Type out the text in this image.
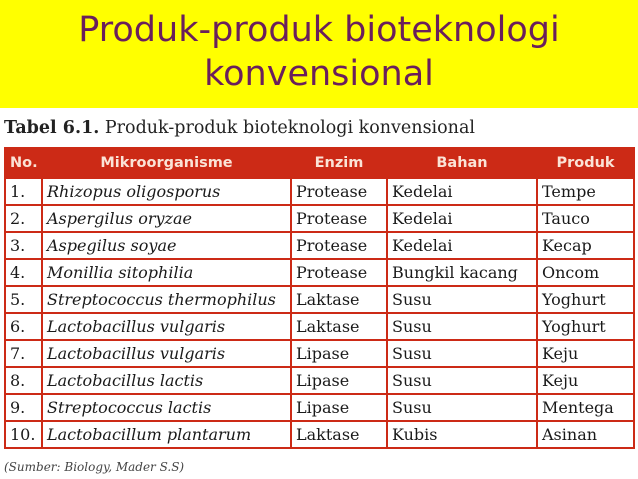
Produk-produk bioteknologi
konvensional
Tabel 6.1. Produk-produk bioteknologi konvensional
No.	Mikroorganisme	Enzim	Bahan	Produk
1.	Rhizopus oligosporus	Protease	Kedelai	Tempe
2.	Aspergilus oryzae	Protease	Kedelai	Tauco
3.	Aspegilus soyae	Protease	Kedelai	Kecap
4.	Monillia sitophilia	Protease	Bungkil kacang	Oncom
5.	Streptococcus thermophilus	Laktase	Susu	Yoghurt
6.	Lactobacillus vulgaris	Laktase	Susu	Yoghurt
7.	Lactobacillus vulgaris	Lipase	Susu	Keju
8.	Lactobacillus lactis	Lipase	Susu	Keju
9.	Streptococcus lactis	Lipase	Susu	Mentega
10.	Lactobacillum plantarum	Laktase	Kubis	Asinan
(Sumber: Biology, Mader S.S)
